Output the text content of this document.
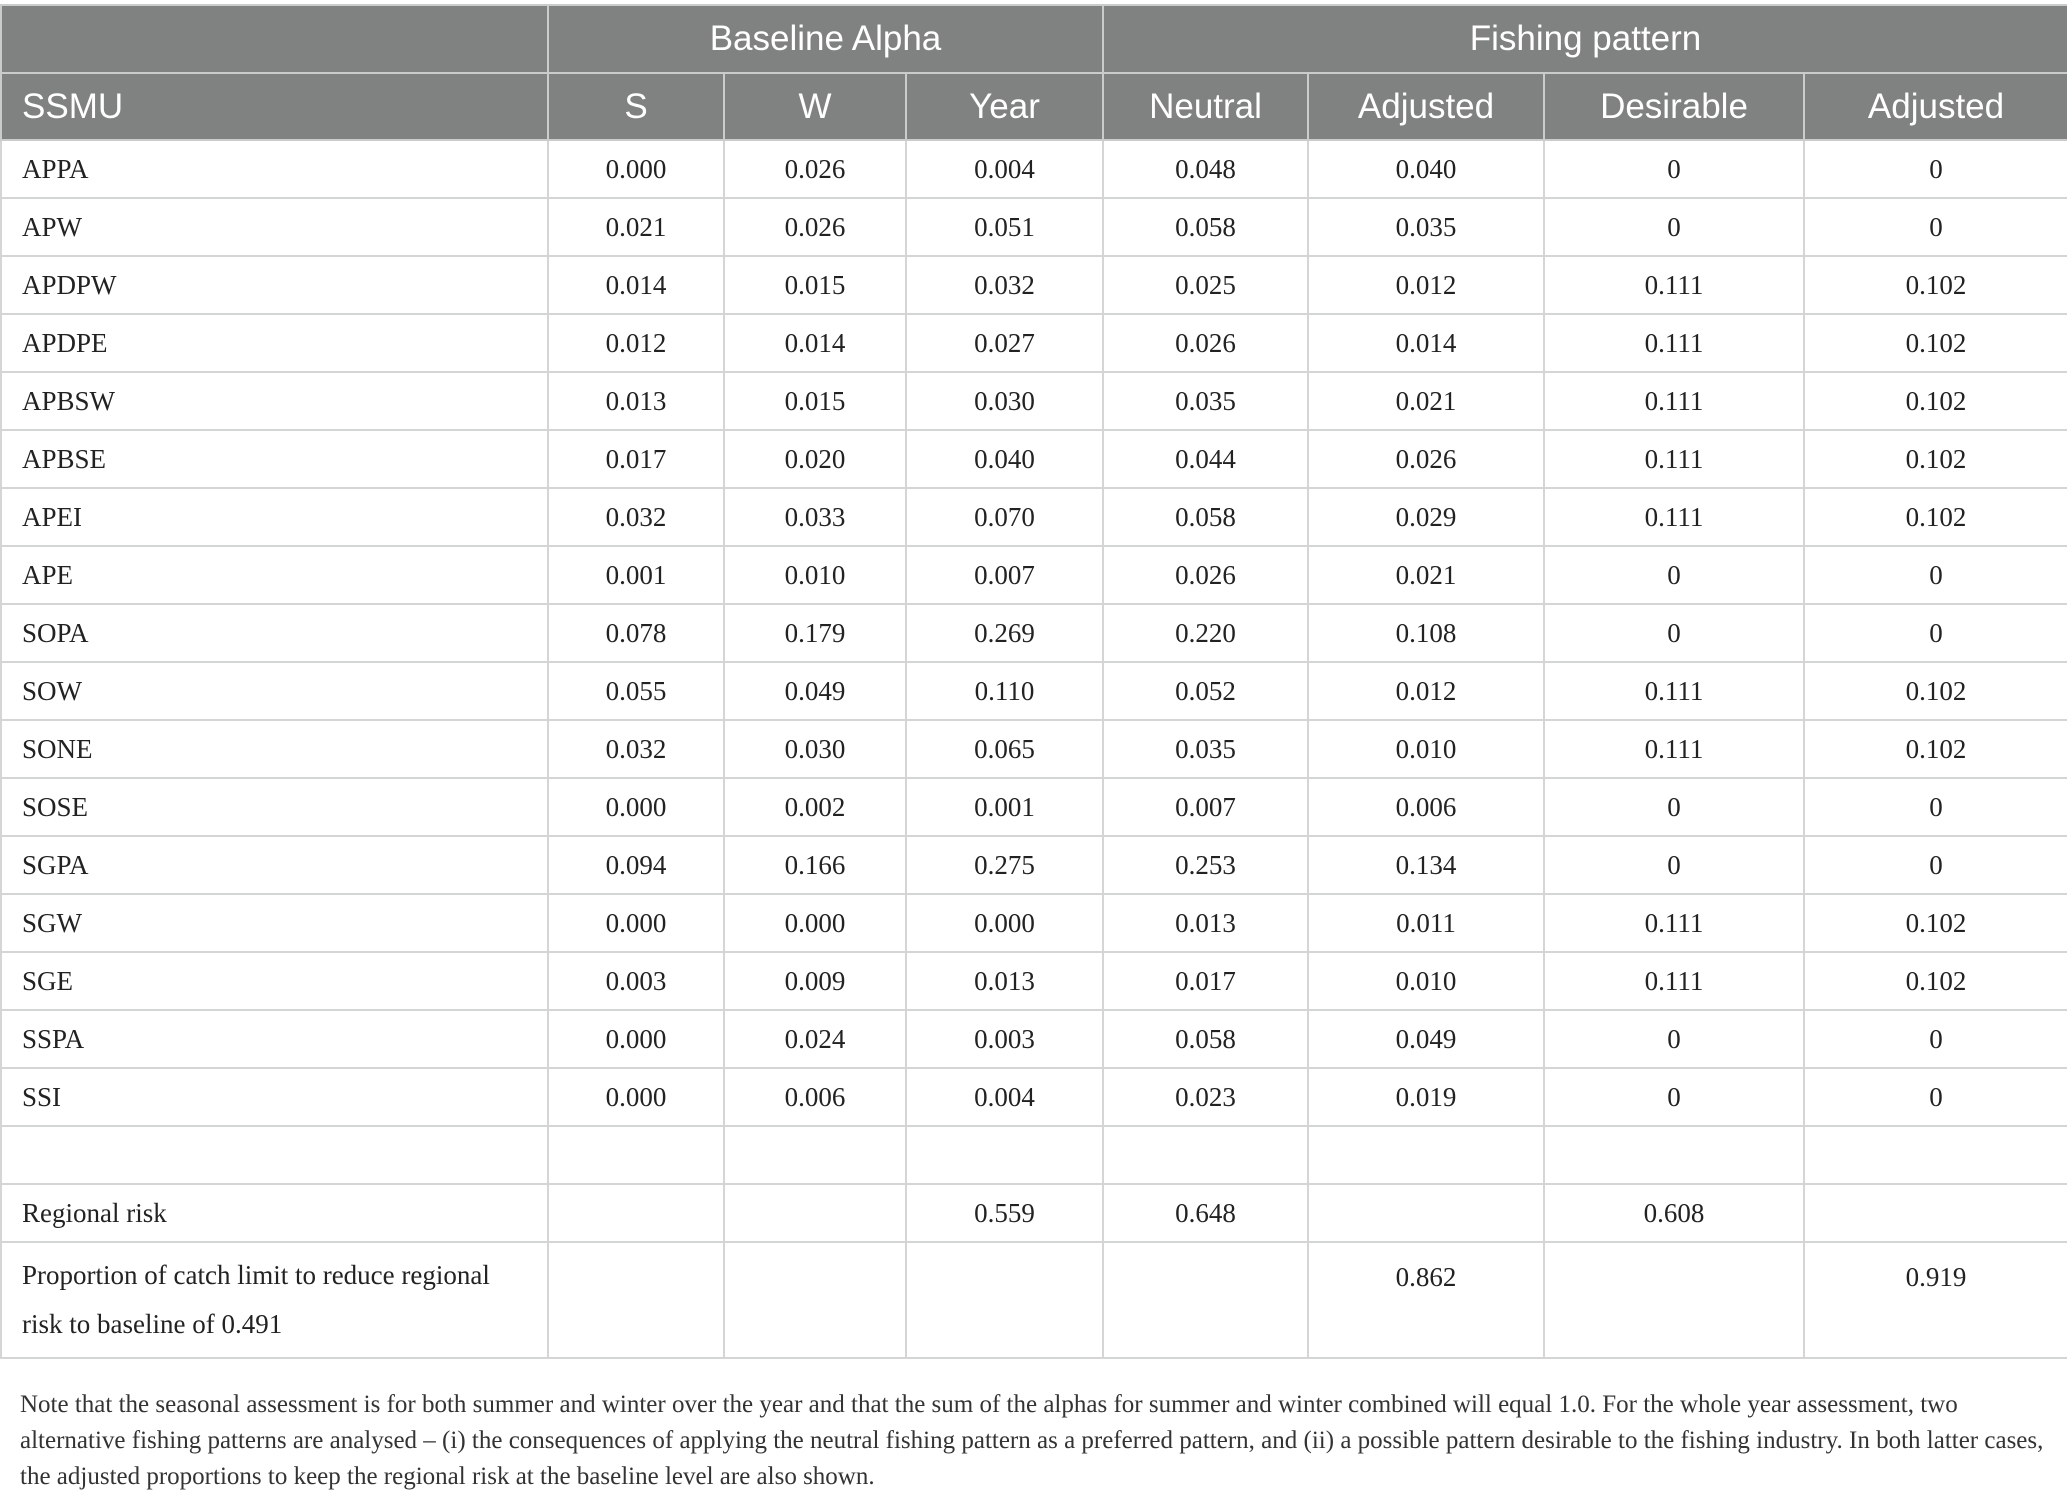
	Baseline Alpha			Fishing pattern			
SSMU	S	W	Year	Neutral	Adjusted	Desirable	Adjusted
APPA	0.000	0.026	0.004	0.048	0.040	0	0
APW	0.021	0.026	0.051	0.058	0.035	0	0
APDPW	0.014	0.015	0.032	0.025	0.012	0.111	0.102
APDPE	0.012	0.014	0.027	0.026	0.014	0.111	0.102
APBSW	0.013	0.015	0.030	0.035	0.021	0.111	0.102
APBSE	0.017	0.020	0.040	0.044	0.026	0.111	0.102
APEI	0.032	0.033	0.070	0.058	0.029	0.111	0.102
APE	0.001	0.010	0.007	0.026	0.021	0	0
SOPA	0.078	0.179	0.269	0.220	0.108	0	0
SOW	0.055	0.049	0.110	0.052	0.012	0.111	0.102
SONE	0.032	0.030	0.065	0.035	0.010	0.111	0.102
SOSE	0.000	0.002	0.001	0.007	0.006	0	0
SGPA	0.094	0.166	0.275	0.253	0.134	0	0
SGW	0.000	0.000	0.000	0.013	0.011	0.111	0.102
SGE	0.003	0.009	0.013	0.017	0.010	0.111	0.102
SSPA	0.000	0.024	0.003	0.058	0.049	0	0
SSI	0.000	0.006	0.004	0.023	0.019	0	0

Regional risk			0.559	0.648		0.608	
Proportion of catch limit to reduce regional
risk to baseline of 0.491					0.862		0.919

Note that the seasonal assessment is for both summer and winter over the year and that the sum of the alphas for summer and winter combined will equal 1.0. For the whole year assessment, two alternative fishing patterns are analysed – (i) the consequences of applying the neutral fishing pattern as a preferred pattern, and (ii) a possible pattern desirable to the fishing industry. In both latter cases, the adjusted proportions to keep the regional risk at the baseline level are also shown.
